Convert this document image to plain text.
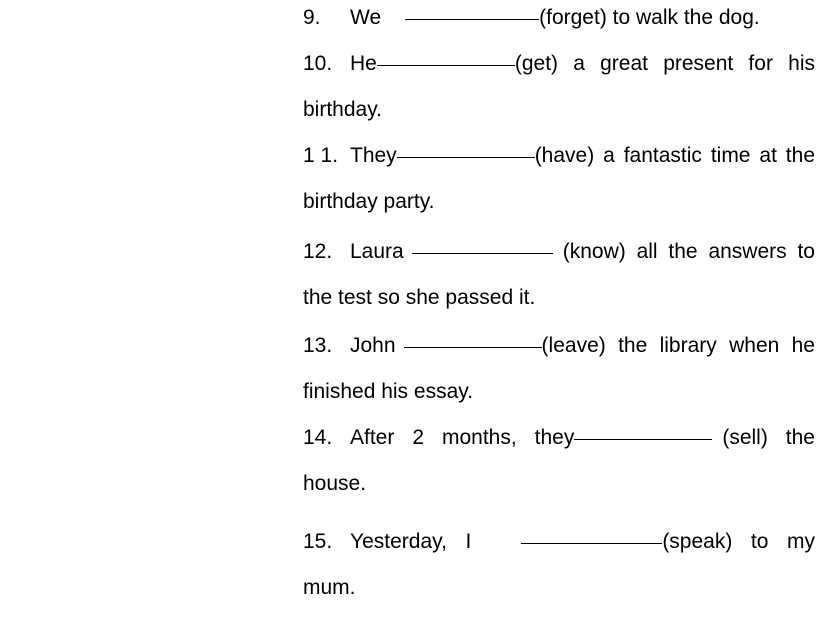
9. We	(forget) to walk the dog.
10. He	(get) a great present for his birthday.
1 1. They	(have) a fantastic time at the birthday party.
12. Laura	(know) all the answers to the test so she passed it.
13. John	(leave) the library when he finished his essay.
14. After 2 months, they	(sell) the house.
15. Yesterday, I	(speak) to my mum.
